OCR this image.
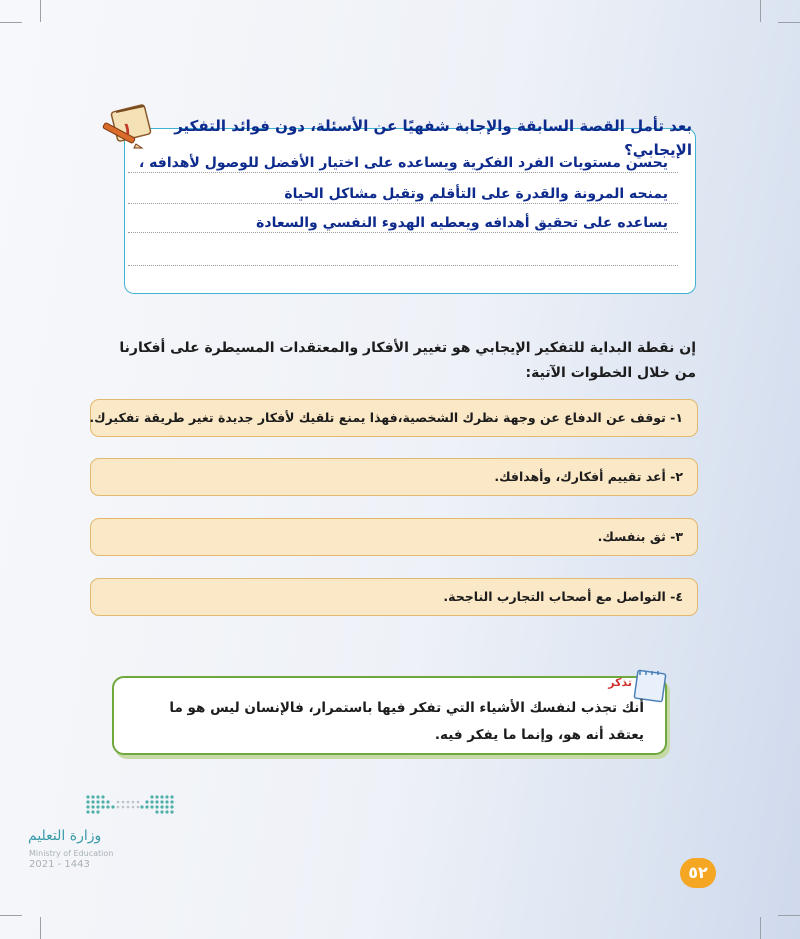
١	بعد تأمل القصة السابقة والإجابة شفهيًا عن الأسئلة، دون فوائد التفكير الإيجابي؟
يحسن مستويات الفرد الفكرية ويساعده على اختيار الأفضل للوصول لأهدافه ،
يمنحه المرونة والقدرة على التأقلم وتقبل مشاكل الحياة
يساعده على تحقيق أهدافه ويعطيه الهدوء النفسي والسعادة
إن نقطة البداية للتفكير الإيجابي هو تغيير الأفكار والمعتقدات المسيطرة على أفكارنا من خلال الخطوات الآتية:
١- توقف عن الدفاع عن وجهة نظرك الشخصية،فهذا يمنع تلقيك لأفكار جديدة تغير طريقة تفكيرك.
٢- أعد تقييم أفكارك، وأهدافك.
٣- ثق بنفسك.
٤- التواصل مع أصحاب التجارب الناجحة.
تذكر
أنك تجذب لنفسك الأشياء التي تفكر فيها باستمرار، فالإنسان ليس هو ما يعتقد أنه هو، وإنما ما يفكر فيه.
وزارة التعليم
Ministry of Education
2021 - 1443	٥٢
